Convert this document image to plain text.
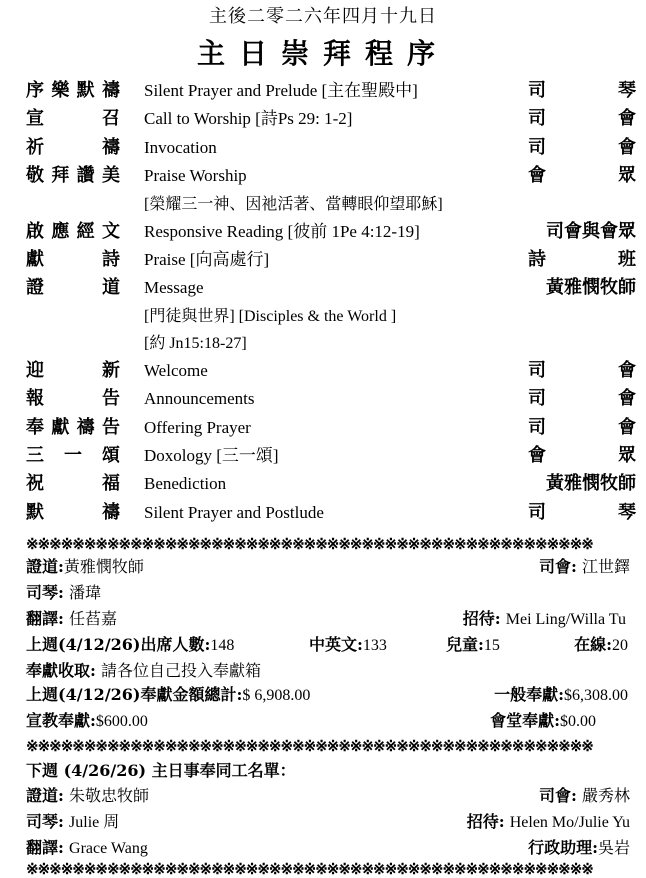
主後二零二六年四月十九日
主日崇拜程序
序 樂 默 禱 Silent Prayer and Prelude [主在聖殿中]	司	琴
宣	召 Call to Worship [詩Ps 29: 1-2]	司	會
祈	禱 Invocation	司	會
敬 拜 讚 美 Praise Worship	會	眾
[榮耀三一神、因祂活著、當轉眼仰望耶穌]
啟 應 經 文 Responsive Reading [彼前 1Pe 4:12-19]	司會與會眾
獻	詩 Praise [向高處行]	詩	班
證	道 Message	黃雅憫牧師
[門徒與世界] [Disciples & the World ]
[約 Jn15:18-27]
迎	新 Welcome	司	會
報	告 Announcements	司	會
奉 獻 禱 告 Offering Prayer	司	會
三 一 頌 Doxology [三一頌]	會	眾
祝	福 Benediction	黃雅憫牧師
默	禱 Silent Prayer and Postlude	司	琴
※※※※※※※※※※※※※※※※※※※※※※※※※※※※※※※※※※※※※※※※※※※※※※※※※
證道:黃雅憫牧師	司會: 江世鐸
司琴: 潘瑋
翻譯: 任萏嘉	招待: Mei Ling/Willa Tu
上週(4/12/26)出席人數:148	中英文:133	兒童:15	在線:20
奉獻收取: 請各位自己投入奉獻箱
上週(4/12/26)奉獻金額總計:$ 6,908.00	一般奉獻:$6,308.00
宣教奉獻:$600.00	會堂奉獻:$0.00
※※※※※※※※※※※※※※※※※※※※※※※※※※※※※※※※※※※※※※※※※※※※※※※※※
下週 (4/26/26) 主日事奉同工名單：
證道: 朱敬忠牧師	司會: 嚴秀林
司琴: Julie 周	招待: Helen Mo/Julie Yu
翻譯: Grace Wang	行政助理:吳岩
※※※※※※※※※※※※※※※※※※※※※※※※※※※※※※※※※※※※※※※※※※※※※※※※※
